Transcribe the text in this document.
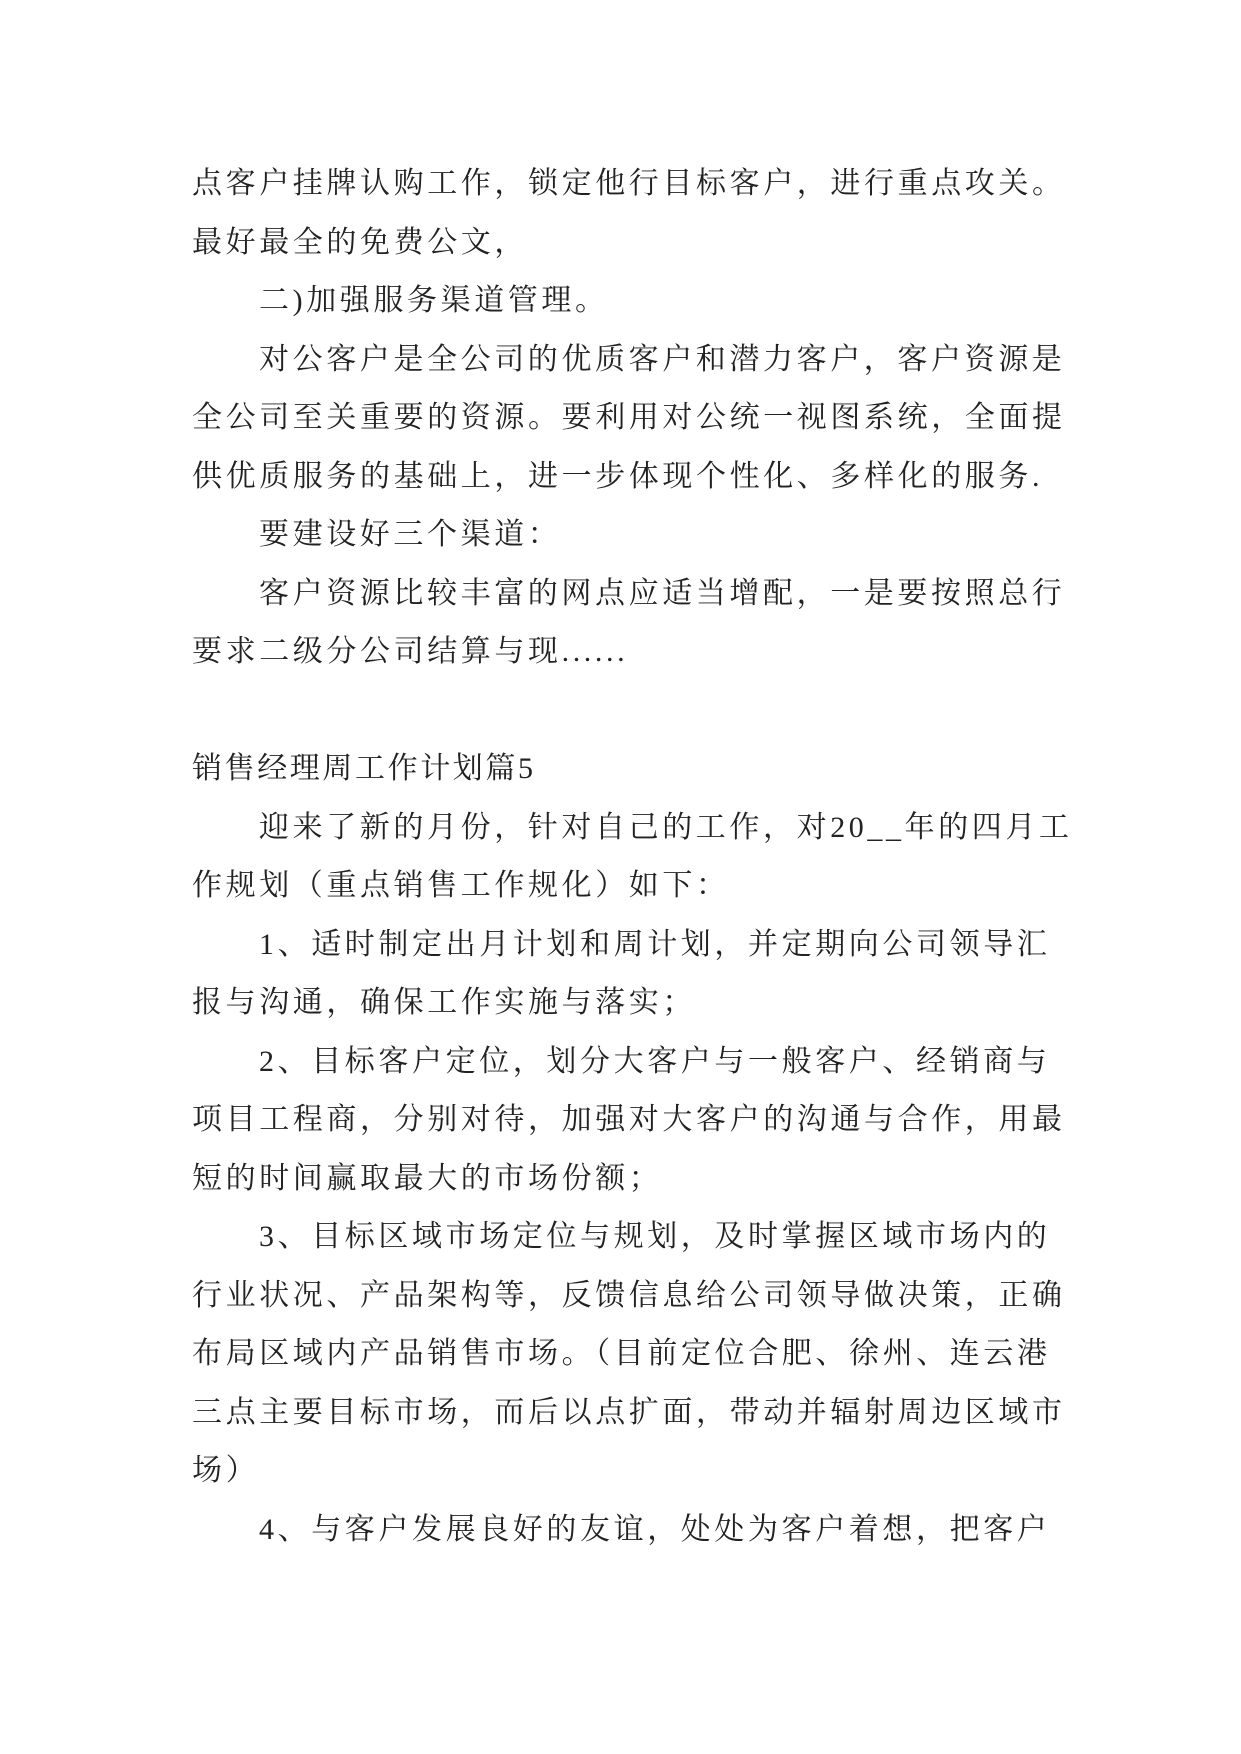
点客户挂牌认购工作，锁定他行目标客户，进行重点攻关。
最好最全的免费公文，
二)加强服务渠道管理。
对公客户是全公司的优质客户和潜力客户，客户资源是
全公司至关重要的资源。要利用对公统一视图系统，全面提
供优质服务的基础上，进一步体现个性化、多样化的服务.
要建设好三个渠道：
客户资源比较丰富的网点应适当增配，一是要按照总行
要求二级分公司结算与现......
销售经理周工作计划篇5
迎来了新的月份，针对自己的工作，对20__年的四月工
作规划（重点销售工作规化）如下：
1、适时制定出月计划和周计划，并定期向公司领导汇
报与沟通，确保工作实施与落实；
2、目标客户定位，划分大客户与一般客户、经销商与
项目工程商，分别对待，加强对大客户的沟通与合作，用最
短的时间赢取最大的市场份额；
3、目标区域市场定位与规划，及时掌握区域市场内的
行业状况、产品架构等，反馈信息给公司领导做决策，正确
布局区域内产品销售市场。（目前定位合肥、徐州、连云港
三点主要目标市场，而后以点扩面，带动并辐射周边区域市
场）
4、与客户发展良好的友谊，处处为客户着想，把客户
